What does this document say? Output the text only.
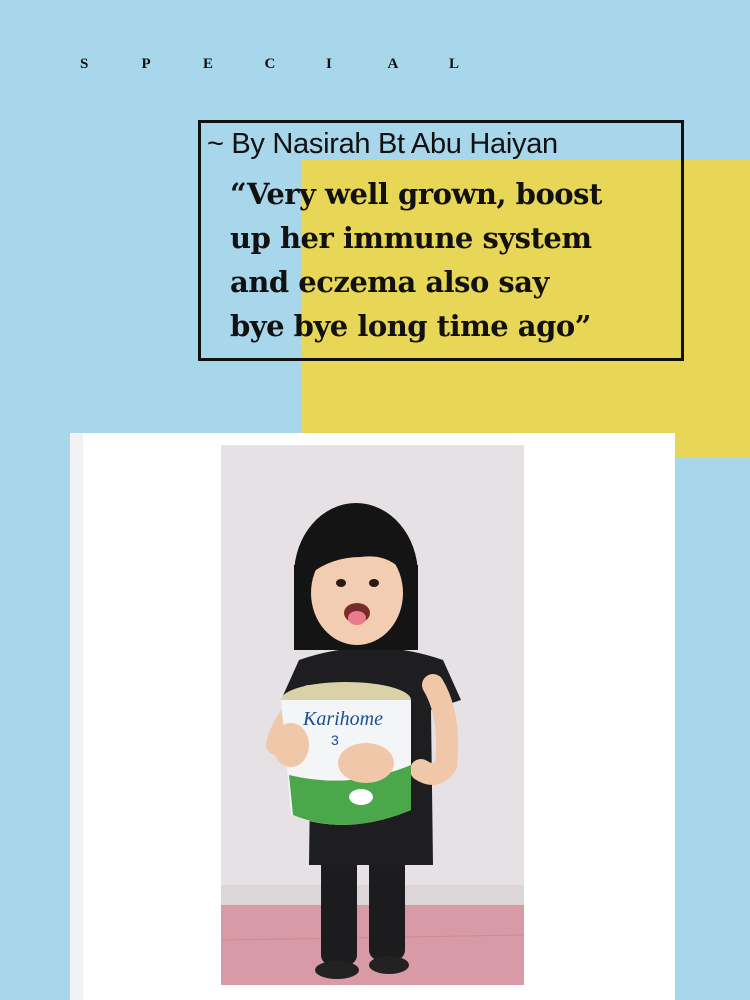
S	P	E	C	I	A	L

~ By Nasirah Bt Abu Haiyan

“Very well grown, boost
up her immune system
and eczema also say
bye bye long time ago”
Karihome
3
